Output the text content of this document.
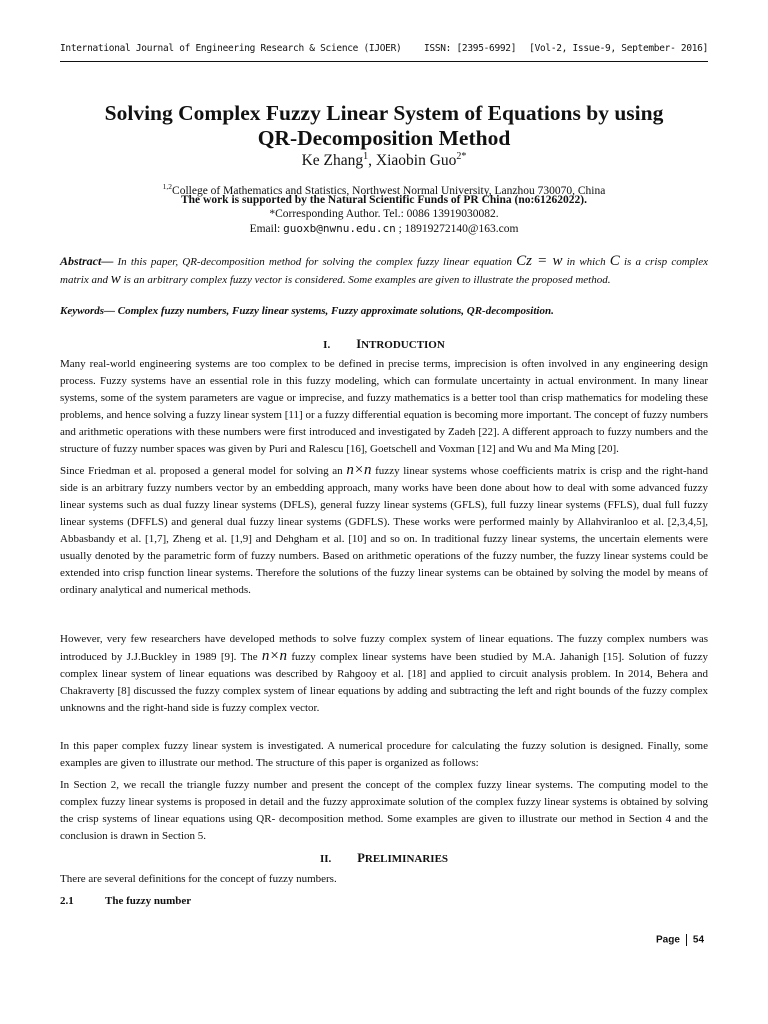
International Journal of Engineering Research & Science (IJOER) ISSN: [2395-6992] [Vol-2, Issue-9, September- 2016]
Solving Complex Fuzzy Linear System of Equations by using
QR-Decomposition Method
Ke Zhang$^1$, Xiaobin Guo$^{2*}$
$^{1,2}$College of Mathematics and Statistics, Northwest Normal University, Lanzhou 730070, China
The work is supported by the Natural Scientific Funds of PR China (no:61262022).
*Corresponding Author. Tel.: 0086 13919030082.
Email: guoxb@nwnu.edu.cn ; 18919272140@163.com
Abstract— In this paper, QR-decomposition method for solving the complex fuzzy linear equation Cz = w in which C is a crisp complex matrix and w is an arbitrary complex fuzzy vector is considered. Some examples are given to illustrate the proposed method.
Keywords— Complex fuzzy numbers, Fuzzy linear systems, Fuzzy approximate solutions, QR-decomposition.
I. INTRODUCTION

Many real-world engineering systems are too complex to be defined in precise terms, imprecision is often involved in any engineering design process. Fuzzy systems have an essential role in this fuzzy modeling, which can formulate uncertainty in actual environment. In many linear systems, some of the system parameters are vague or imprecise, and fuzzy mathematics is a better tool than crisp mathematics for modeling these problems, and hence solving a fuzzy linear system [11] or a fuzzy differential equation is becoming more important. The concept of fuzzy numbers and arithmetic operations with these numbers were first introduced and investigated by Zadeh [22]. A different approach to fuzzy numbers and the structure of fuzzy number spaces was given by Puri and Ralescu [16], Goetschell and Voxman [12] and Wu and Ma Ming [20].

Since Friedman et al. proposed a general model for solving an n×n fuzzy linear systems whose coefficients matrix is crisp and the right-hand side is an arbitrary fuzzy numbers vector by an embedding approach, many works have been done about how to deal with some advanced fuzzy linear systems such as dual fuzzy linear systems (DFLS), general fuzzy linear systems (GFLS), full fuzzy linear systems (FFLS), dual full fuzzy linear systems (DFFLS) and general dual fuzzy linear systems (GDFLS). These works were performed mainly by Allahviranloo et al. [2,3,4,5], Abbasbandy et al. [1,7], Zheng et al. [1,9] and Dehgham et al. [10] and so on. In traditional fuzzy linear systems, the uncertain elements were usually denoted by the parametric form of fuzzy numbers. Based on arithmetic operations of the fuzzy number, the fuzzy linear systems could be extended into crisp function linear systems. Therefore the solutions of the fuzzy linear systems can be obtained by solving the model by means of ordinary analytical and numerical methods.

However, very few researchers have developed methods to solve fuzzy complex system of linear equations. The fuzzy complex numbers was introduced by J.J.Buckley in 1989 [9]. The n×n fuzzy complex linear systems have been studied by M.A. Jahanigh [15]. Solution of fuzzy complex linear system of linear equations was described by Rahgooy et al. [18] and applied to circuit analysis problem. In 2014, Behera and Chakraverty [8] discussed the fuzzy complex system of linear equations by adding and subtracting the left and right bounds of the fuzzy complex unknowns and the right-hand side is fuzzy complex vector.

In this paper complex fuzzy linear system is investigated. A numerical procedure for calculating the fuzzy solution is designed. Finally, some examples are given to illustrate our method. The structure of this paper is organized as follows:

In Section 2, we recall the triangle fuzzy number and present the concept of the complex fuzzy linear systems. The computing model to the complex fuzzy linear systems is proposed in detail and the fuzzy approximate solution of the complex fuzzy linear systems is obtained by solving the crisp systems of linear equations using QR- decomposition method. Some examples are given to illustrate our method in Section 4 and the conclusion is drawn in Section 5.

II. PRELIMINARIES

There are several definitions for the concept of fuzzy numbers.

2.1	The fuzzy number
Page 54
